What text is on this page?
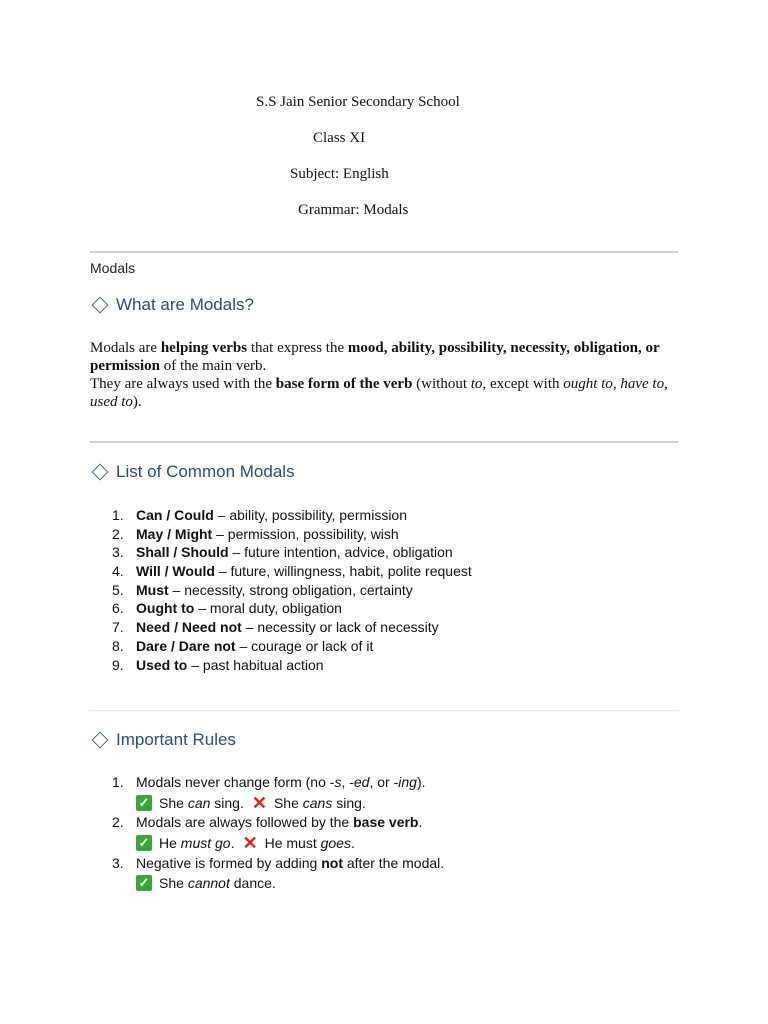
S.S Jain Senior Secondary School
Class XI
Subject: English
Grammar: Modals
Modals
What are Modals?
Modals are helping verbs that express the mood, ability, possibility, necessity, obligation, or permission of the main verb.
They are always used with the base form of the verb (without to, except with ought to, have to, used to).
List of Common Modals
1. Can / Could – ability, possibility, permission
2. May / Might – permission, possibility, wish
3. Shall / Should – future intention, advice, obligation
4. Will / Would – future, willingness, habit, polite request
5. Must – necessity, strong obligation, certainty
6. Ought to – moral duty, obligation
7. Need / Need not – necessity or lack of necessity
8. Dare / Dare not – courage or lack of it
9. Used to – past habitual action
Important Rules
1. Modals never change form (no -s, -ed, or -ing).
✓ She can sing. ✕ She cans sing.
2. Modals are always followed by the base verb.
✓ He must go. ✕ He must goes.
3. Negative is formed by adding not after the modal.
✓ She cannot dance.
